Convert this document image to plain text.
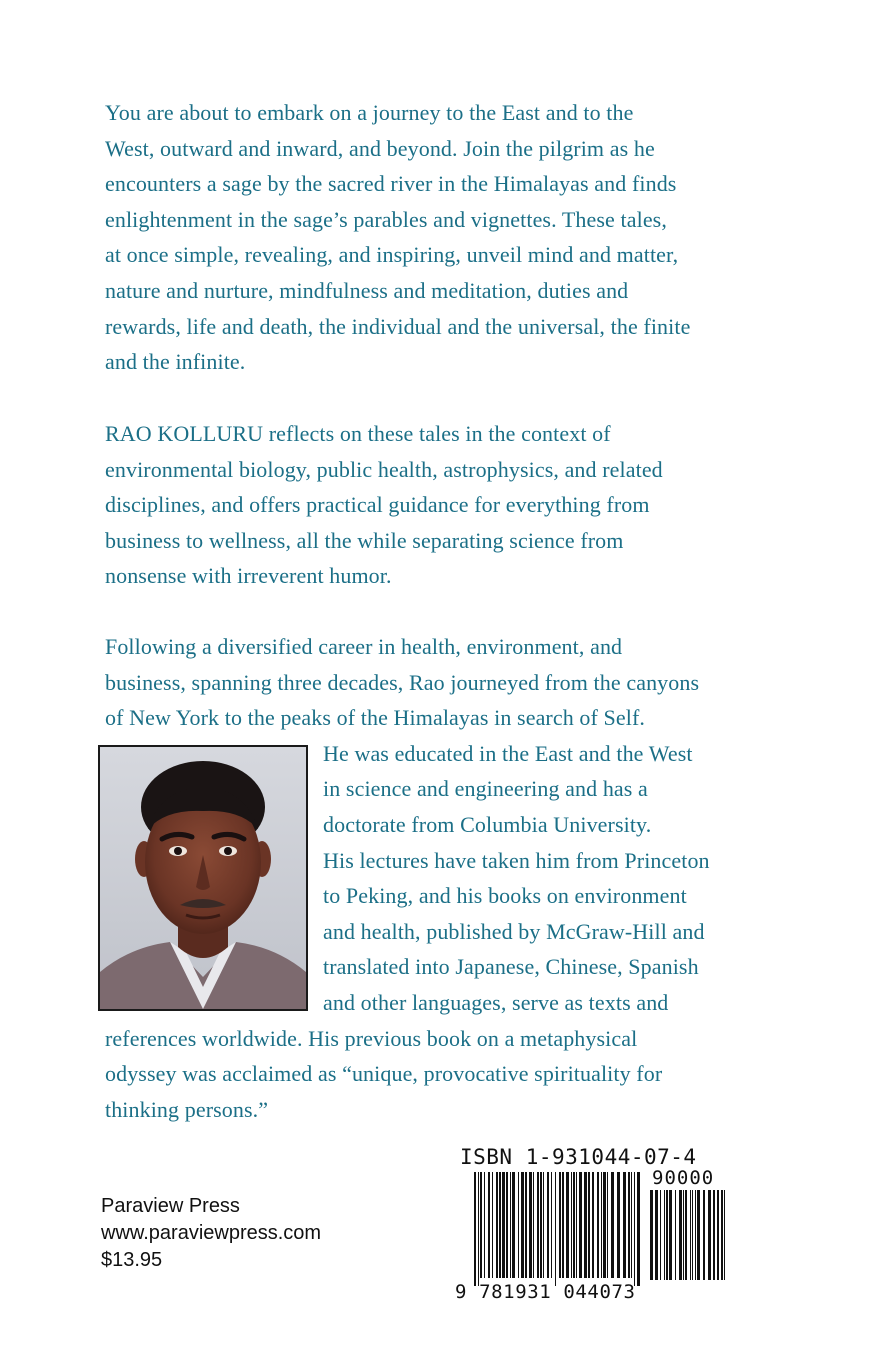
You are about to embark on a journey to the East and to the
West, outward and inward, and beyond. Join the pilgrim as he
encounters a sage by the sacred river in the Himalayas and finds
enlightenment in the sage’s parables and vignettes. These tales,
at once simple, revealing, and inspiring, unveil mind and matter,
nature and nurture, mindfulness and meditation, duties and
rewards, life and death, the individual and the universal, the finite
and the infinite.
RAO KOLLURU reflects on these tales in the context of
environmental biology, public health, astrophysics, and related
disciplines, and offers practical guidance for everything from
business to wellness, all the while separating science from
nonsense with irreverent humor.
Following a diversified career in health, environment, and
business, spanning three decades, Rao journeyed from the canyons
of New York to the peaks of the Himalayas in search of Self.
He was educated in the East and the West
in science and engineering and has a
doctorate from Columbia University.
His lectures have taken him from Princeton
to Peking, and his books on environment
and health, published by McGraw-Hill and
translated into Japanese, Chinese, Spanish
and other languages, serve as texts and
references worldwide. His previous book on a metaphysical
odyssey was acclaimed as “unique, provocative spirituality for
thinking persons.”
Paraview Press
www.paraviewpress.com
$13.95
ISBN 1-931044-07-4
90000
9 781931 044073
